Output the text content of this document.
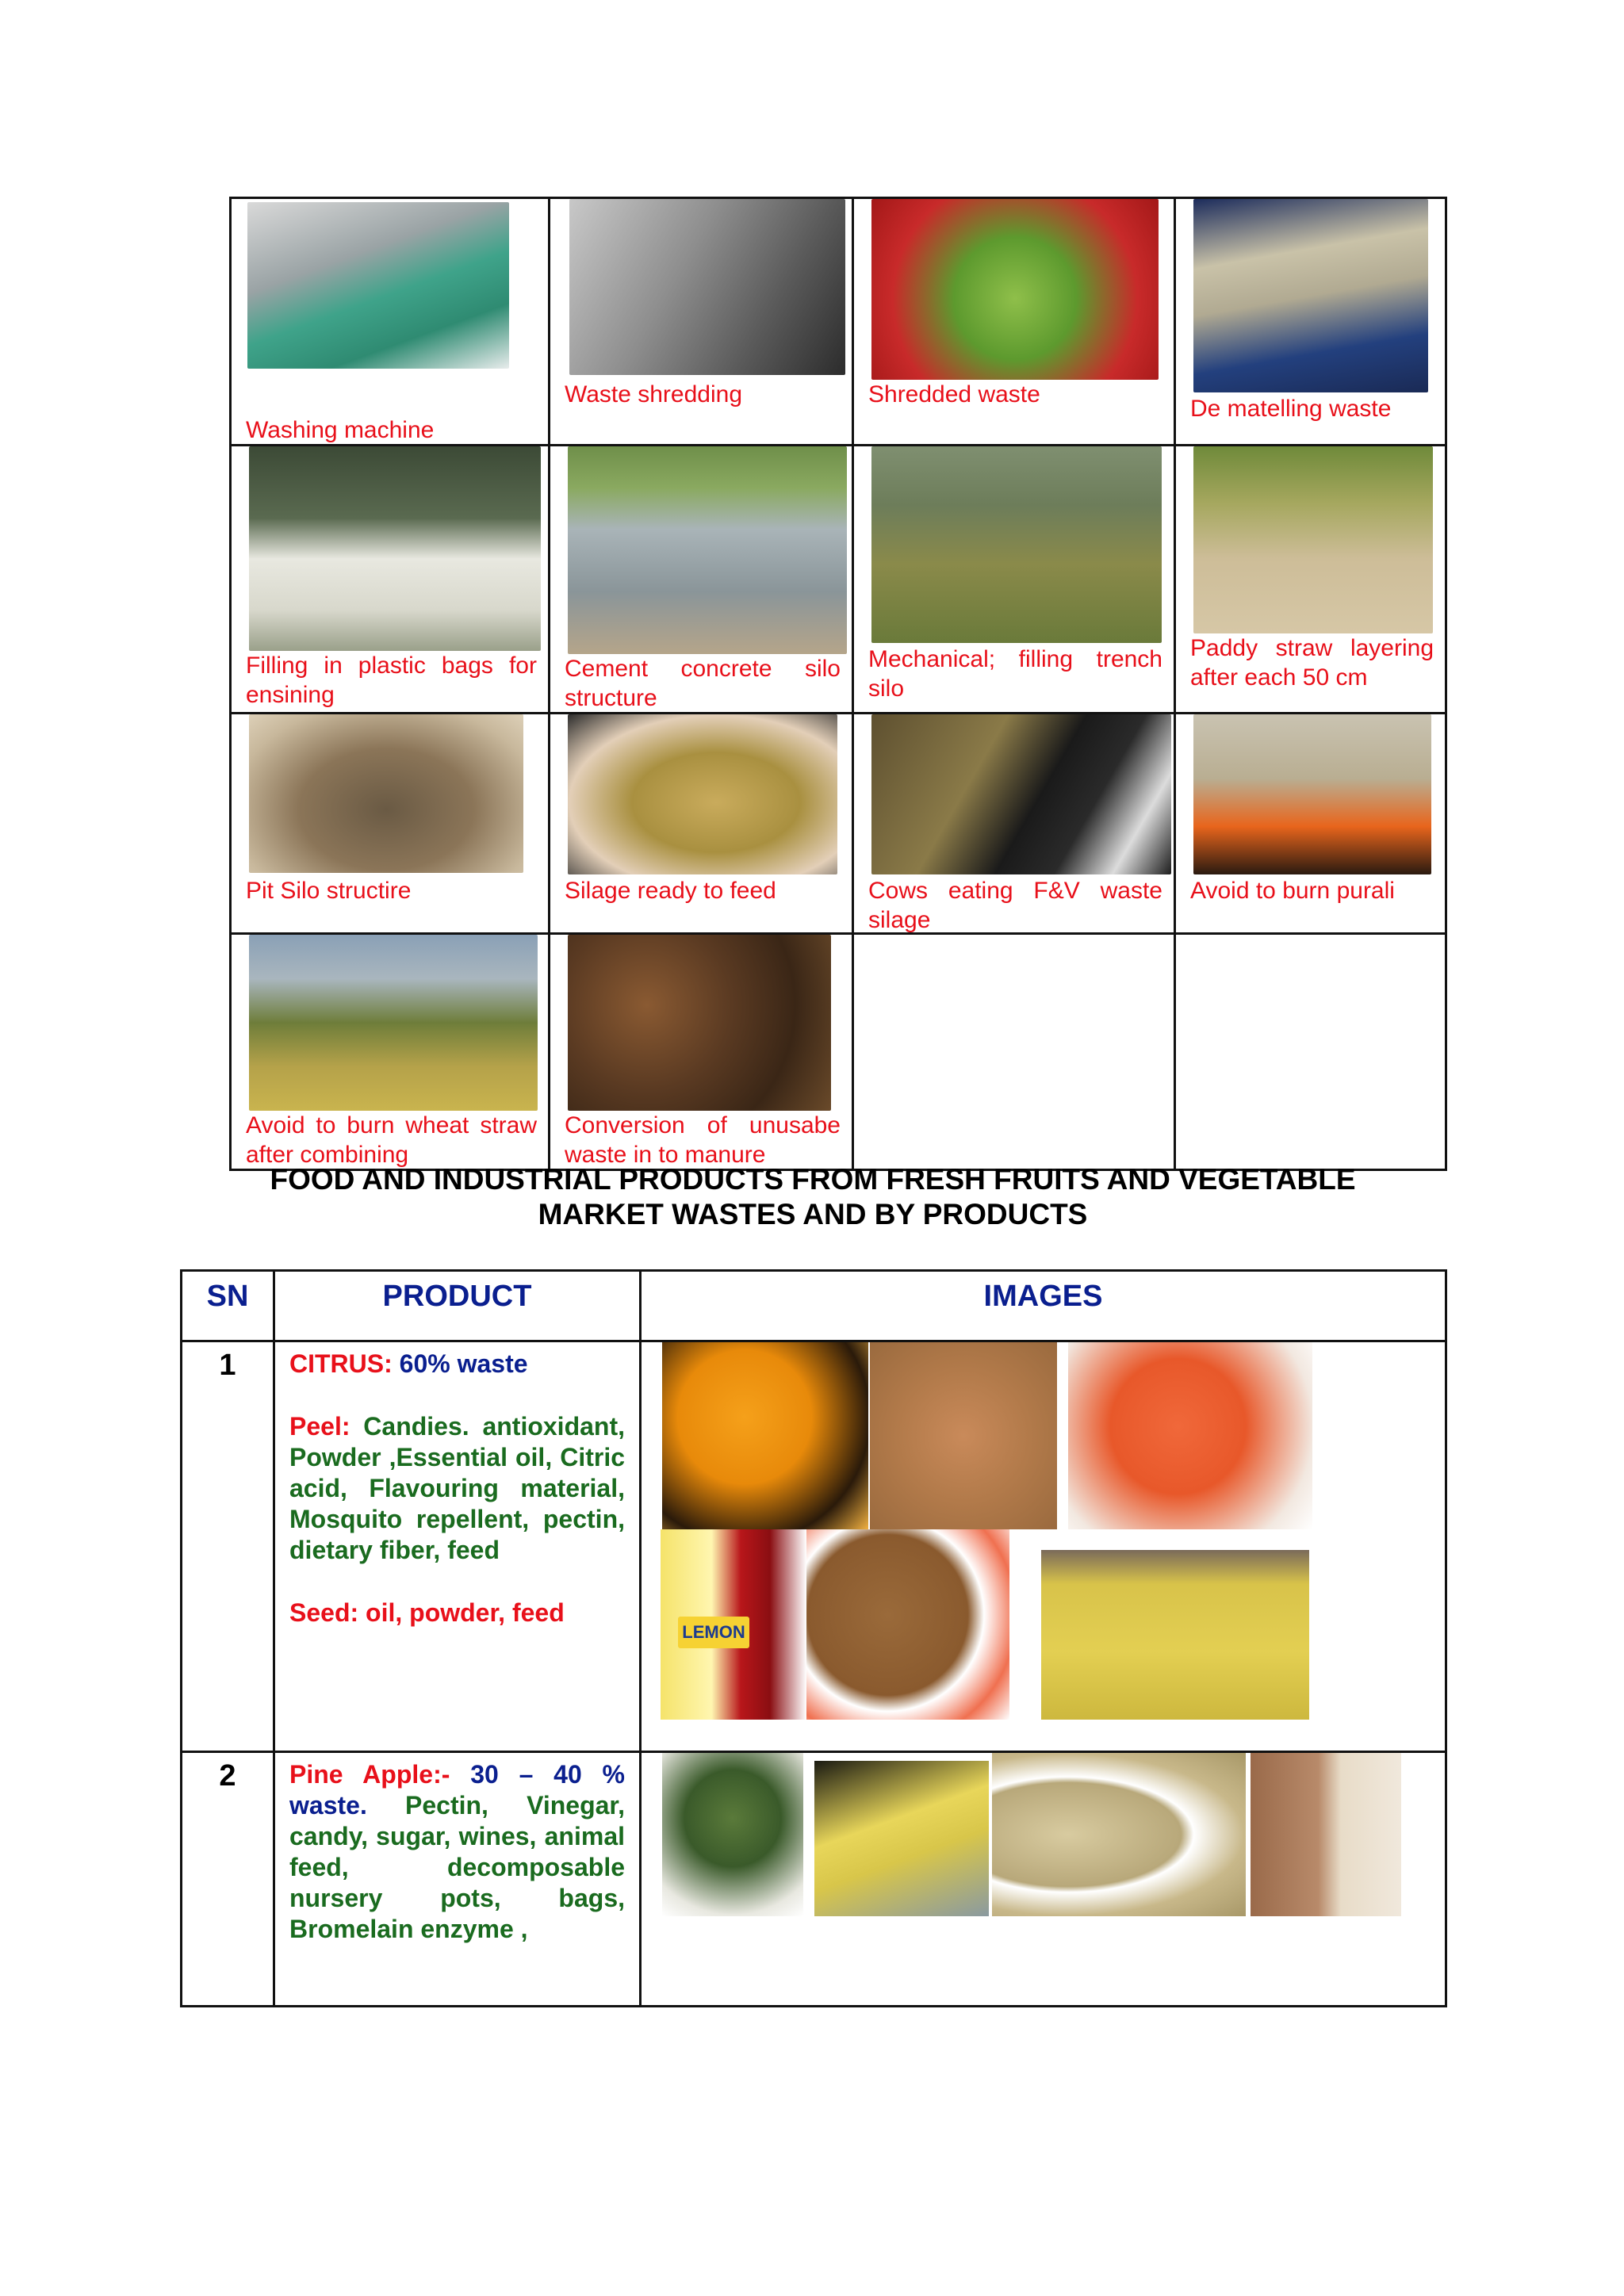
Washing machine	Waste shredding	Shredded waste	De matelling waste

Filling in plastic bags for ensining	Cement concrete silo structure	Mechanical; filling trench silo	Paddy straw layering after each 50 cm

Pit Silo structire	Silage ready to feed	Cows eating F&V waste silage	Avoid to burn purali

Avoid to burn wheat straw after combining	Conversion of unusabe waste in to manure		

FOOD AND INDUSTRIAL PRODUCTS FROM FRESH FRUITS AND VEGETABLE
MARKET WASTES AND BY PRODUCTS
SN	PRODUCT	IMAGES
1	CITRUS: 60% waste

Peel: Candies. antioxidant, Powder ,Essential oil, Citric acid, Flavouring material, Mosquito repellent, pectin, dietary fiber, feed

Seed: oil, powder, feed	LEMON

2	Pine Apple:- 30 – 40 % waste. Pectin, Vinegar, candy, sugar, wines, animal feed, decomposable nursery pots, bags, Bromelain enzyme ,	
